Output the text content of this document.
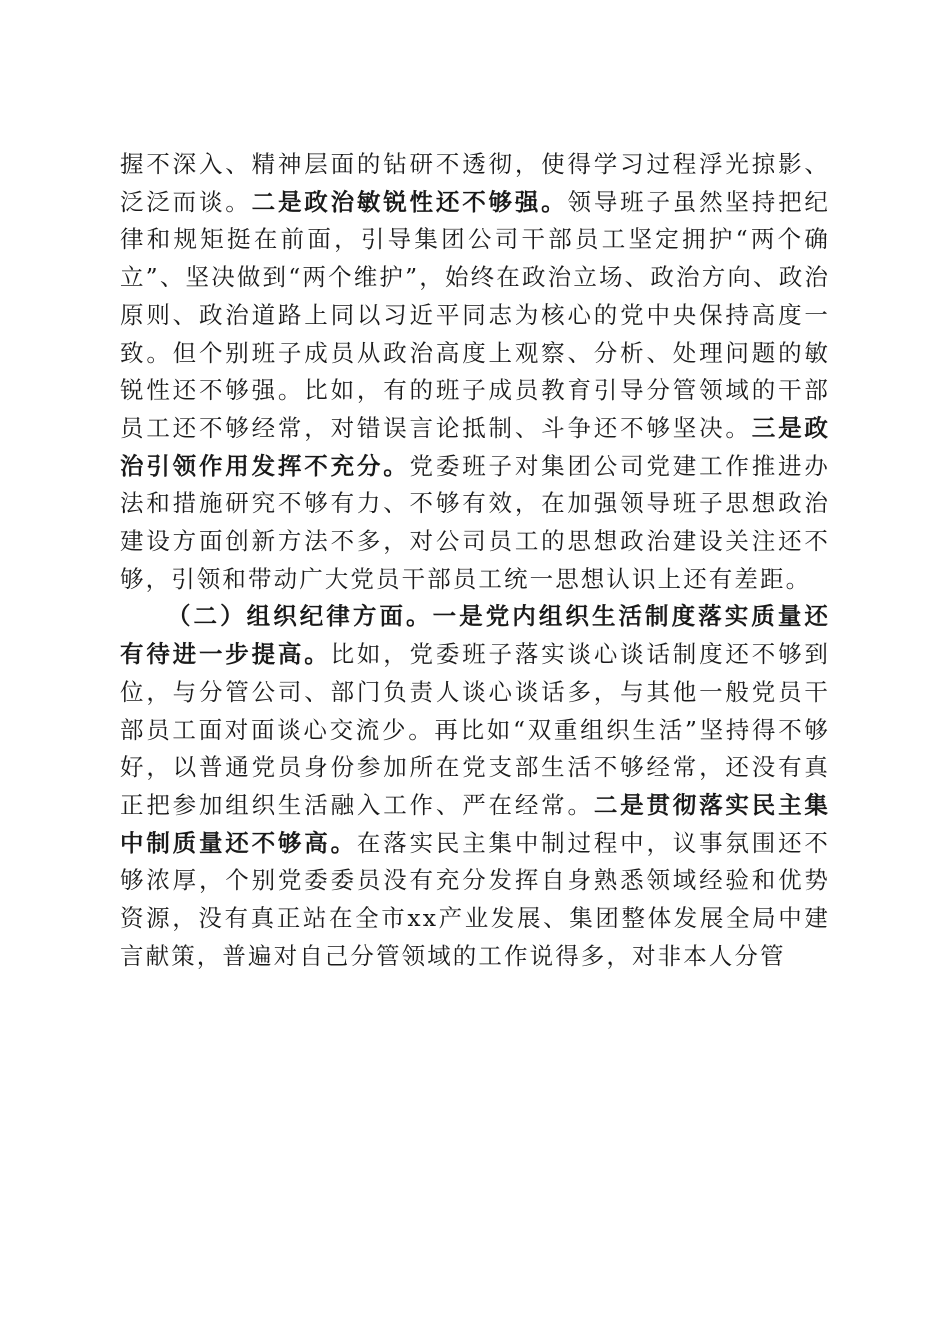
握不深入、精神层面的钻研不透彻，使得学习过程浮光掠影、泛泛而谈。二是政治敏锐性还不够强。领导班子虽然坚持把纪律和规矩挺在前面，引导集团公司干部员工坚定拥护“两个确立”、坚决做到“两个维护”，始终在政治立场、政治方向、政治原则、政治道路上同以习近平同志为核心的党中央保持高度一致。但个别班子成员从政治高度上观察、分析、处理问题的敏锐性还不够强。比如，有的班子成员教育引导分管领域的干部员工还不够经常，对错误言论抵制、斗争还不够坚决。三是政治引领作用发挥不充分。党委班子对集团公司党建工作推进办法和措施研究不够有力、不够有效，在加强领导班子思想政治建设方面创新方法不多，对公司员工的思想政治建设关注还不够，引领和带动广大党员干部员工统一思想认识上还有差距。

（二）组织纪律方面。一是党内组织生活制度落实质量还有待进一步提高。比如，党委班子落实谈心谈话制度还不够到位，与分管公司、部门负责人谈心谈话多，与其他一般党员干部员工面对面谈心交流少。再比如“双重组织生活”坚持得不够好，以普通党员身份参加所在党支部生活不够经常，还没有真正把参加组织生活融入工作、严在经常。二是贯彻落实民主集中制质量还不够高。在落实民主集中制过程中，议事氛围还不够浓厚，个别党委委员没有充分发挥自身熟悉领域经验和优势资源，没有真正站在全市xx产业发展、集团整体发展全局中建言献策，普遍对自己分管领域的工作说得多，对非本人分管
